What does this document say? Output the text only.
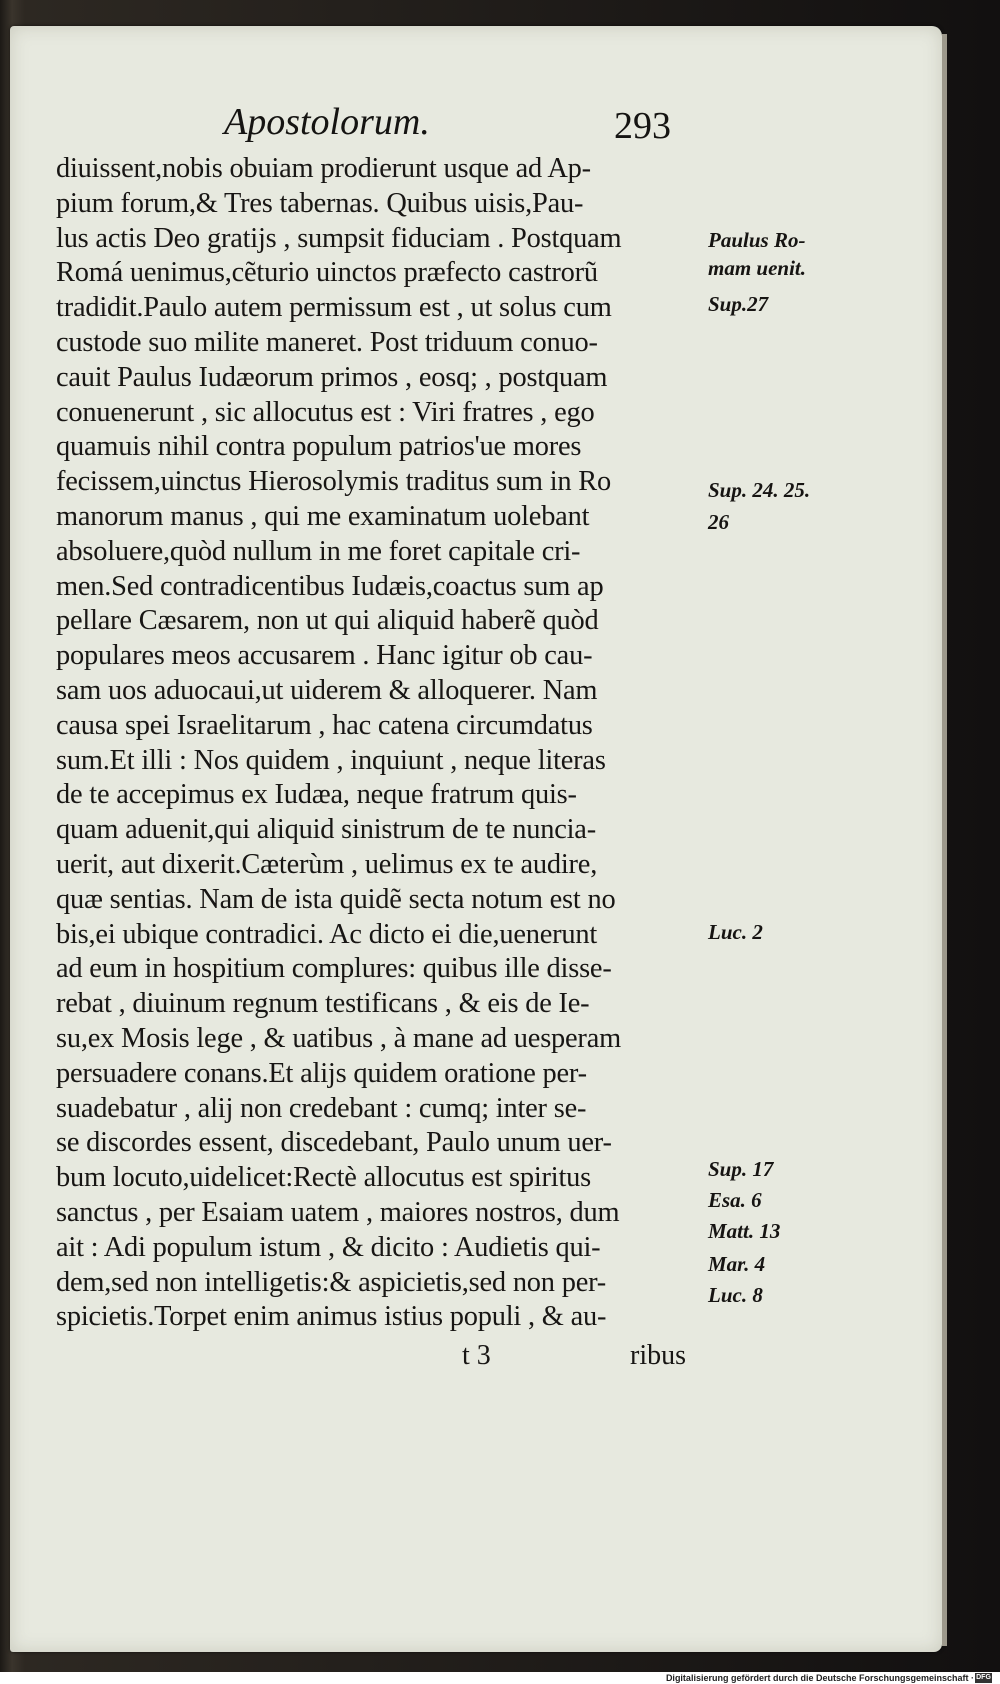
Apostolorum.	293
diuissent,nobis obuiam prodierunt usque ad Ap-
pium forum,& Tres tabernas. Quibus uisis,Pau-
lus actis Deo gratijs , sumpsit fiduciam . Postquam
Romá uenimus,cẽturio uinctos præfecto castrorũ
tradidit.Paulo autem permissum est , ut solus cum
custode suo milite maneret. Post triduum conuo-
cauit Paulus Iudæorum primos , eosq; , postquam
conuenerunt , sic allocutus est : Viri fratres , ego
quamuis nihil contra populum patrios'ue mores
fecissem,uinctus Hierosolymis traditus sum in Ro
manorum manus , qui me examinatum uolebant
absoluere,quòd nullum in me foret capitale cri-
men.Sed contradicentibus Iudæis,coactus sum ap
pellare Cæsarem, non ut qui aliquid haberẽ quòd
populares meos accusarem . Hanc igitur ob cau-
sam uos aduocaui,ut uiderem & alloquerer. Nam
causa spei Israelitarum , hac catena circumdatus
sum.Et illi : Nos quidem , inquiunt , neque literas
de te accepimus ex Iudæa, neque fratrum quis-
quam aduenit,qui aliquid sinistrum de te nuncia-
uerit, aut dixerit.Cæterùm , uelimus ex te audire,
quæ sentias. Nam de ista quidẽ secta notum est no
bis,ei ubique contradici. Ac dicto ei die,uenerunt
ad eum in hospitium complures: quibus ille disse-
rebat , diuinum regnum testificans , & eis de Ie-
su,ex Mosis lege , & uatibus , à mane ad uesperam
persuadere conans.Et alijs quidem oratione per-
suadebatur , alij non credebant : cumq; inter se-
se discordes essent, discedebant, Paulo unum uer-
bum locuto,uidelicet:Rectè allocutus est spiritus
sanctus , per Esaiam uatem , maiores nostros, dum
ait : Adi populum istum , & dicito : Audietis qui-
dem,sed non intelligetis:& aspicietis,sed non per-
spicietis.Torpet enim animus istius populi , & au-
Paulus Ro-
mam uenit.
Sup.27
Sup. 24. 25.
26
Luc. 2
Sup. 17
Esa. 6
Matt. 13
Mar. 4
Luc. 8
t 3	ribus
Digitalisierung gefördert durch die Deutsche Forschungsgemeinschaft · DFG
